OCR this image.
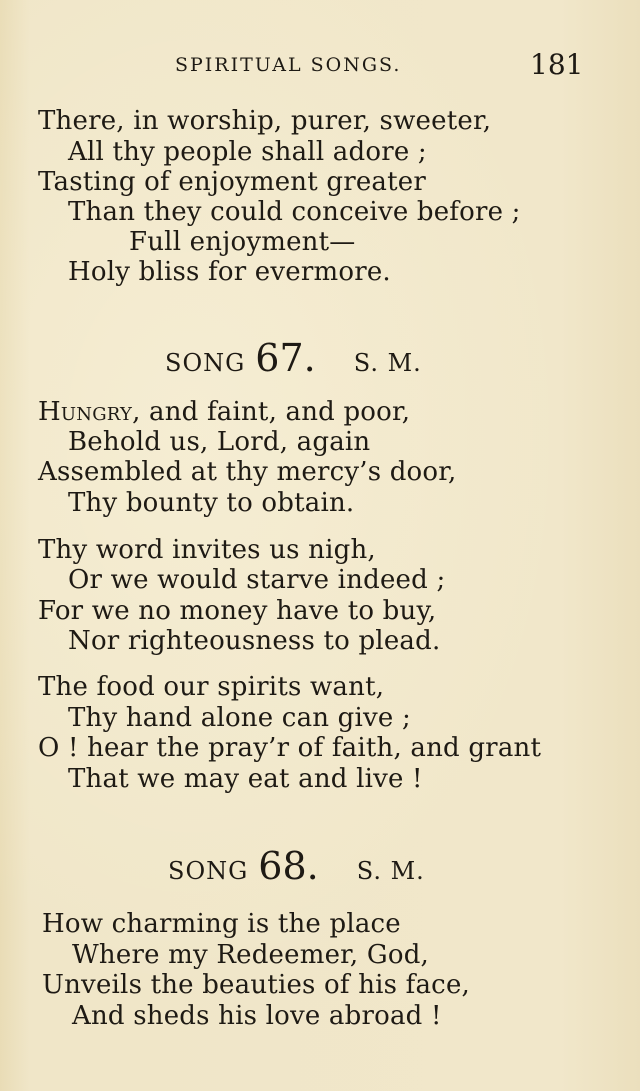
SPIRITUAL SONGS.	181
There, in worship, purer, sweeter,
All thy people shall adore ;
Tasting of enjoyment greater
Than they could conceive before ;
Full enjoyment—
Holy bliss for evermore.
SONG 67. S. M.
Hungry, and faint, and poor,
Behold us, Lord, again
Assembled at thy mercy’s door,
Thy bounty to obtain.
Thy word invites us nigh,
Or we would starve indeed ;
For we no money have to buy,
Nor righteousness to plead.
The food our spirits want,
Thy hand alone can give ;
O ! hear the pray’r of faith, and grant
That we may eat and live !
SONG 68. S. M.
How charming is the place
Where my Redeemer, God,
Unveils the beauties of his face,
And sheds his love abroad !
